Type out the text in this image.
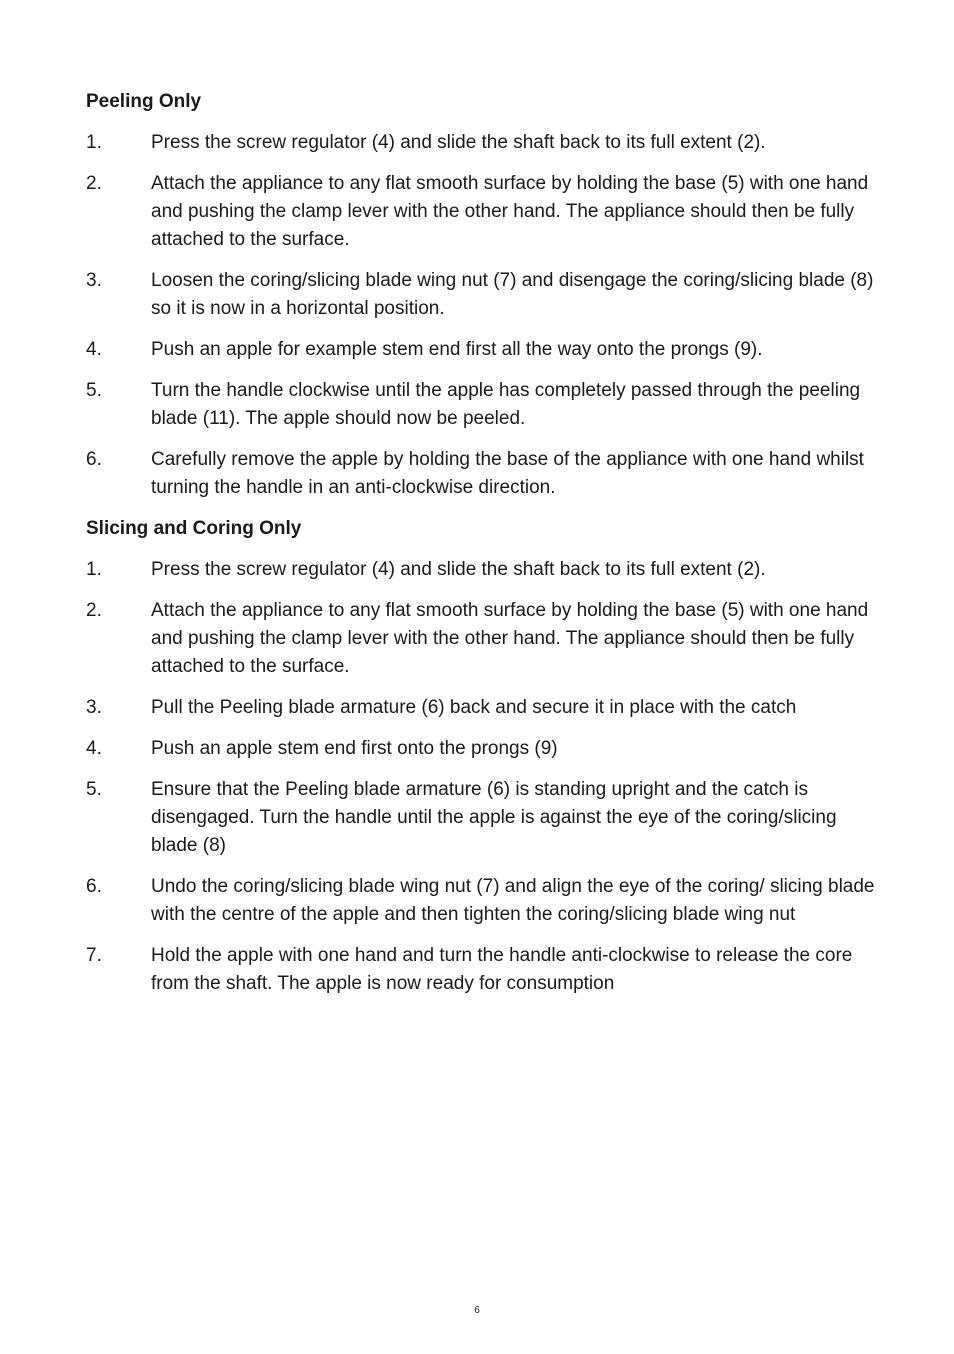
Peeling Only
1.	Press the screw regulator (4) and slide the shaft back to its full extent (2).
2.	Attach the appliance to any flat smooth surface by holding the base (5) with one hand and pushing the clamp lever with the other hand. The appliance should then be fully attached to the surface.
3.	Loosen the coring/slicing blade wing nut (7) and disengage the coring/slicing blade (8) so it is now in a horizontal position.
4.	Push an apple for example stem end first all the way onto the prongs (9).
5.	Turn the handle clockwise until the apple has completely passed through the peeling blade (11). The apple should now be peeled.
6.	Carefully remove the apple by holding the base of the appliance with one hand whilst turning the handle in an anti-clockwise direction.
Slicing and Coring Only
1.	Press the screw regulator (4) and slide the shaft back to its full extent (2).
2.	Attach the appliance to any flat smooth surface by holding the base (5) with one hand and pushing the clamp lever with the other hand. The appliance should then be fully attached to the surface.
3.	Pull the Peeling blade armature (6) back and secure it in place with the catch
4.	Push an apple stem end first onto the prongs (9)
5.	Ensure that the Peeling blade armature (6) is standing upright and the catch is disengaged. Turn the handle until the apple is against the eye of the coring/slicing blade (8)
6.	Undo the coring/slicing blade wing nut (7) and align the eye of the coring/ slicing blade with the centre of the apple and then tighten the coring/slicing blade wing nut
7.	Hold the apple with one hand and turn the handle anti-clockwise to release the core from the shaft. The apple is now ready for consumption
6
